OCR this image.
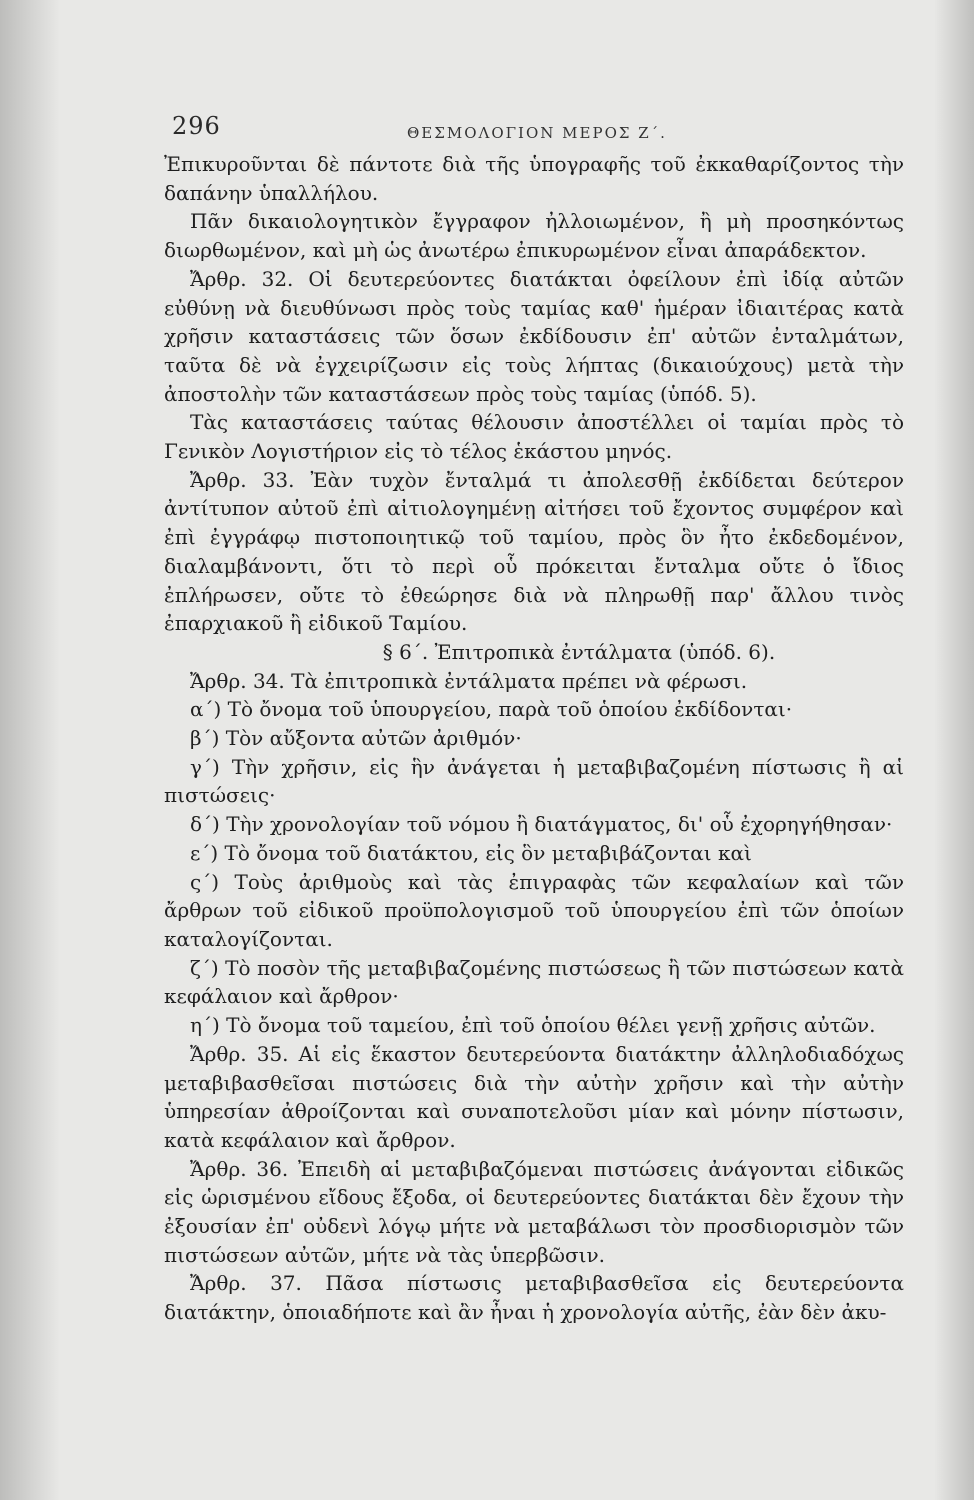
296	ΘΕΣΜΟΛΟΓΙΟΝ ΜΕΡΟΣ Ζ΄.

Ἐπικυροῦνται δὲ πάντοτε διὰ τῆς ὑπογραφῆς τοῦ ἐκκαθαρίζοντος τὴν δαπάνην ὑπαλλήλου.

Πᾶν δικαιολογητικὸν ἔγγραφον ἠλλοιωμένον, ἢ μὴ προσηκόντως διωρθωμένον, καὶ μὴ ὡς ἀνωτέρω ἐπικυρωμένον εἶναι ἀπαράδεκτον.

Ἄρθρ. 32. Οἱ δευτερεύοντες διατάκται ὀφείλουν ἐπὶ ἰδίᾳ αὐτῶν εὐθύνῃ νὰ διευθύνωσι πρὸς τοὺς ταμίας καθ' ἡμέραν ἰδιαιτέρας κατὰ χρῆσιν καταστάσεις τῶν ὅσων ἐκδίδουσιν ἐπ' αὐτῶν ἐνταλμάτων, ταῦτα δὲ νὰ ἐγχειρίζωσιν εἰς τοὺς λήπτας (δικαιούχους) μετὰ τὴν ἀποστολὴν τῶν καταστάσεων πρὸς τοὺς ταμίας (ὑπόδ. 5).

Τὰς καταστάσεις ταύτας θέλουσιν ἀποστέλλει οἱ ταμίαι πρὸς τὸ Γενικὸν Λογιστήριον εἰς τὸ τέλος ἑκάστου μηνός.

Ἄρθρ. 33. Ἐὰν τυχὸν ἔνταλμά τι ἀπολεσθῇ ἐκδίδεται δεύτερον ἀντίτυπον αὐτοῦ ἐπὶ αἰτιολογημένῃ αἰτήσει τοῦ ἔχοντος συμφέρον καὶ ἐπὶ ἐγγράφῳ πιστοποιητικῷ τοῦ ταμίου, πρὸς ὃν ἦτο ἐκδεδομένον, διαλαμβάνοντι, ὅτι τὸ περὶ οὗ πρόκειται ἔνταλμα οὔτε ὁ ἴδιος ἐπλήρωσεν, οὔτε τὸ ἐθεώρησε διὰ νὰ πληρωθῇ παρ' ἄλλου τινὸς ἐπαρχιακοῦ ἢ εἰδικοῦ Ταμίου.

§ 6΄. Ἐπιτροπικὰ ἐντάλματα (ὑπόδ. 6).

Ἄρθρ. 34. Τὰ ἐπιτροπικὰ ἐντάλματα πρέπει νὰ φέρωσι.

α΄) Τὸ ὄνομα τοῦ ὑπουργείου, παρὰ τοῦ ὁποίου ἐκδίδονται·

β΄) Τὸν αὔξοντα αὐτῶν ἀριθμόν·

γ΄) Τὴν χρῆσιν, εἰς ἣν ἀνάγεται ἡ μεταβιβαζομένη πίστωσις ἢ αἱ πιστώσεις·

δ΄) Τὴν χρονολογίαν τοῦ νόμου ἢ διατάγματος, δι' οὗ ἐχορηγήθησαν·

ε΄) Τὸ ὄνομα τοῦ διατάκτου, εἰς ὃν μεταβιβάζονται καὶ

ς΄) Τοὺς ἀριθμοὺς καὶ τὰς ἐπιγραφὰς τῶν κεφαλαίων καὶ τῶν ἄρθρων τοῦ εἰδικοῦ προϋπολογισμοῦ τοῦ ὑπουργείου ἐπὶ τῶν ὁποίων καταλογίζονται.

ζ΄) Τὸ ποσὸν τῆς μεταβιβαζομένης πιστώσεως ἢ τῶν πιστώσεων κατὰ κεφάλαιον καὶ ἄρθρον·

η΄) Τὸ ὄνομα τοῦ ταμείου, ἐπὶ τοῦ ὁποίου θέλει γενῇ χρῆσις αὐτῶν.

Ἄρθρ. 35. Αἱ εἰς ἕκαστον δευτερεύοντα διατάκτην ἀλληλοδιαδόχως μεταβιβασθεῖσαι πιστώσεις διὰ τὴν αὐτὴν χρῆσιν καὶ τὴν αὐτὴν ὑπηρεσίαν ἀθροίζονται καὶ συναποτελοῦσι μίαν καὶ μόνην πίστωσιν, κατὰ κεφάλαιον καὶ ἄρθρον.

Ἄρθρ. 36. Ἐπειδὴ αἱ μεταβιβαζόμεναι πιστώσεις ἀνάγονται εἰδικῶς εἰς ὡρισμένου εἴδους ἔξοδα, οἱ δευτερεύοντες διατάκται δὲν ἔχουν τὴν ἐξουσίαν ἐπ' οὐδενὶ λόγῳ μήτε νὰ μεταβάλωσι τὸν προσδιορισμὸν τῶν πιστώσεων αὐτῶν, μήτε νὰ τὰς ὑπερβῶσιν.

Ἄρθρ. 37. Πᾶσα πίστωσις μεταβιβασθεῖσα εἰς δευτερεύοντα διατάκτην, ὁποιαδήποτε καὶ ἂν ἦναι ἡ χρονολογία αὐτῆς, ἐὰν δὲν ἀκυ-
